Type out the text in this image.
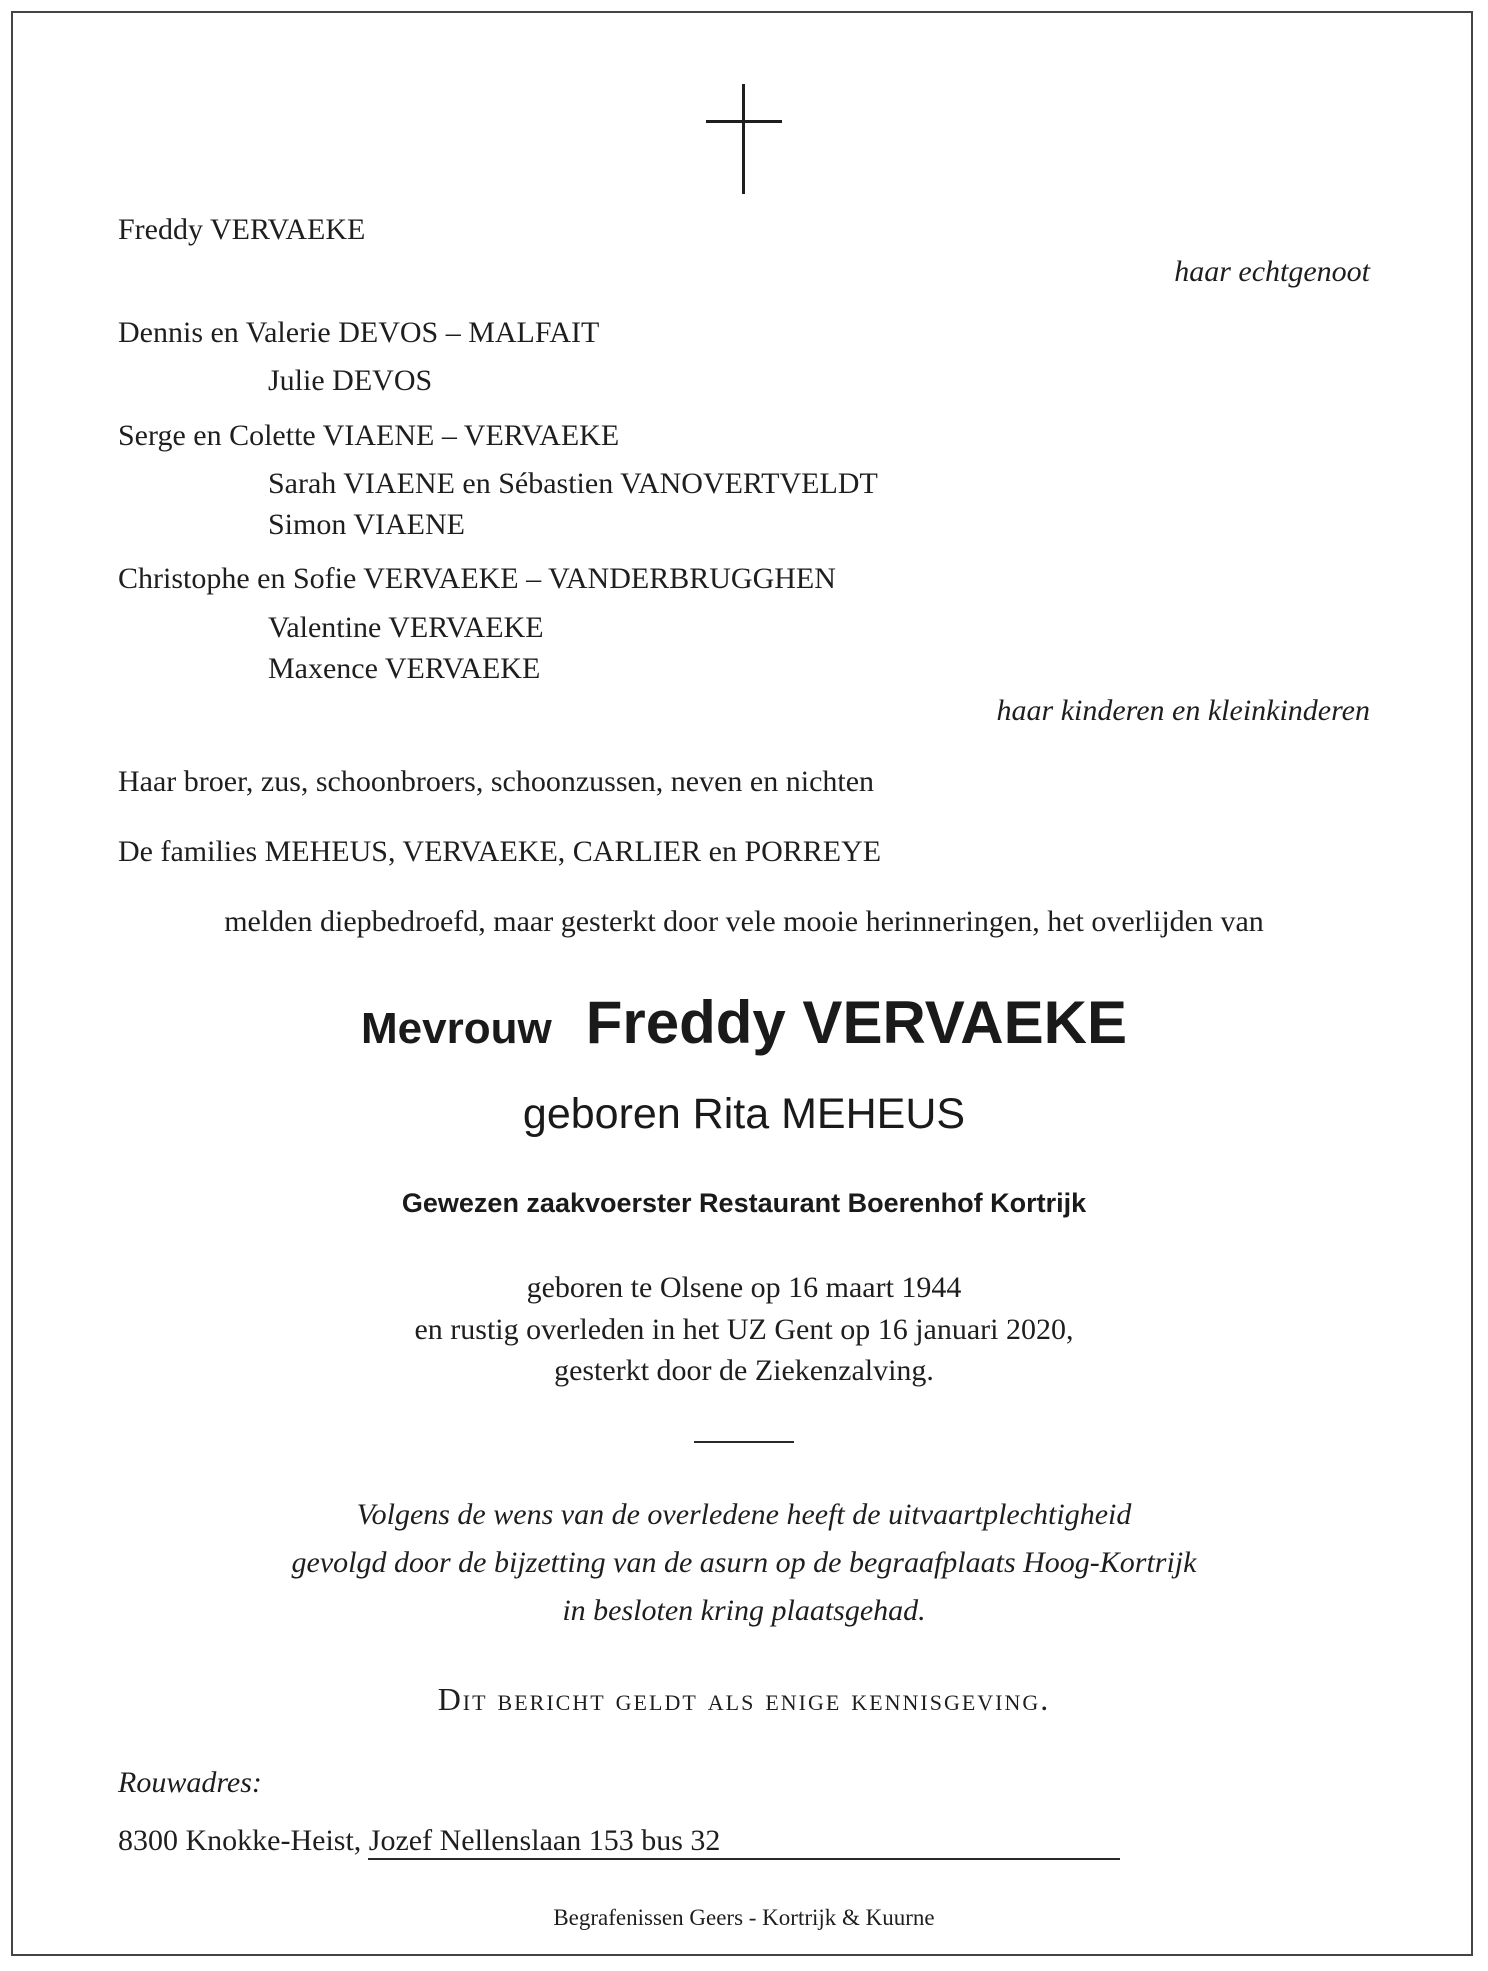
Freddy VERVAEKE
haar echtgenoot
Dennis en Valerie DEVOS – MALFAIT
Julie DEVOS
Serge en Colette VIAENE – VERVAEKE
Sarah VIAENE en Sébastien VANOVERTVELDT
Simon VIAENE
Christophe en Sofie VERVAEKE – VANDERBRUGGHEN
Valentine VERVAEKE
Maxence VERVAEKE
haar kinderen en kleinkinderen
Haar broer, zus, schoonbroers, schoonzussen, neven en nichten
De families MEHEUS, VERVAEKE, CARLIER en PORREYE
melden diepbedroefd, maar gesterkt door vele mooie herinneringen, het overlijden van
Mevrouw Freddy VERVAEKE
geboren Rita MEHEUS
Gewezen zaakvoerster Restaurant Boerenhof Kortrijk
geboren te Olsene op 16 maart 1944
en rustig overleden in het UZ Gent op 16 januari 2020,
gesterkt door de Ziekenzalving.
Volgens de wens van de overledene heeft de uitvaartplechtigheid
gevolgd door de bijzetting van de asurn op de begraafplaats Hoog-Kortrijk
in besloten kring plaatsgehad.
Dit bericht geldt als enige kennisgeving.
Rouwadres:
8300 Knokke-Heist, Jozef Nellenslaan 153 bus 32
Begrafenissen Geers - Kortrijk & Kuurne
